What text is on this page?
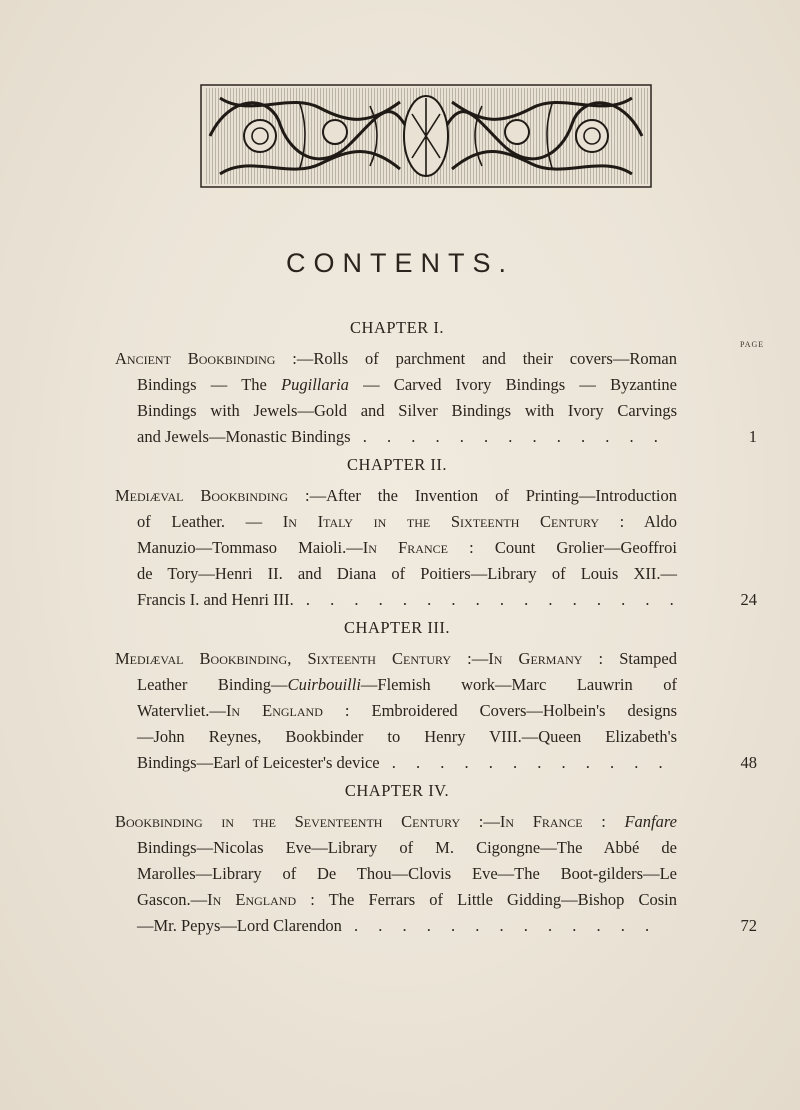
CONTENTS.
PAGE
CHAPTER I.
Ancient Bookbinding :—Rolls of parchment and their covers—Roman
Bindings — The Pugillaria — Carved Ivory Bindings — Byzantine
Bindings with Jewels—Gold and Silver Bindings with Ivory Carvings
and Jewels—Monastic Bindings . . . . . . . . . . . . .	1
CHAPTER II.
Mediæval Bookbinding :—After the Invention of Printing—Introduction
of Leather. — In Italy in the Sixteenth Century : Aldo
Manuzio—Tommaso Maioli.—In France : Count Grolier—Geoffroi
de Tory—Henri II. and Diana of Poitiers—Library of Louis XII.—
Francis I. and Henri III. . . . . . . . . . . . . . . . .	24
CHAPTER III.
Mediæval Bookbinding, Sixteenth Century :—In Germany : Stamped
Leather Binding—Cuirbouilli—Flemish work—Marc Lauwrin of
Watervliet.—In England : Embroidered Covers—Holbein's designs
—John Reynes, Bookbinder to Henry VIII.—Queen Elizabeth's
Bindings—Earl of Leicester's device . . . . . . . . . . . .	48
CHAPTER IV.
Bookbinding in the Seventeenth Century :—In France : Fanfare
Bindings—Nicolas Eve—Library of M. Cigongne—The Abbé de
Marolles—Library of De Thou—Clovis Eve—The Boot-gilders—Le
Gascon.—In England : The Ferrars of Little Gidding—Bishop Cosin
—Mr. Pepys—Lord Clarendon . . . . . . . . . . . . .	72
